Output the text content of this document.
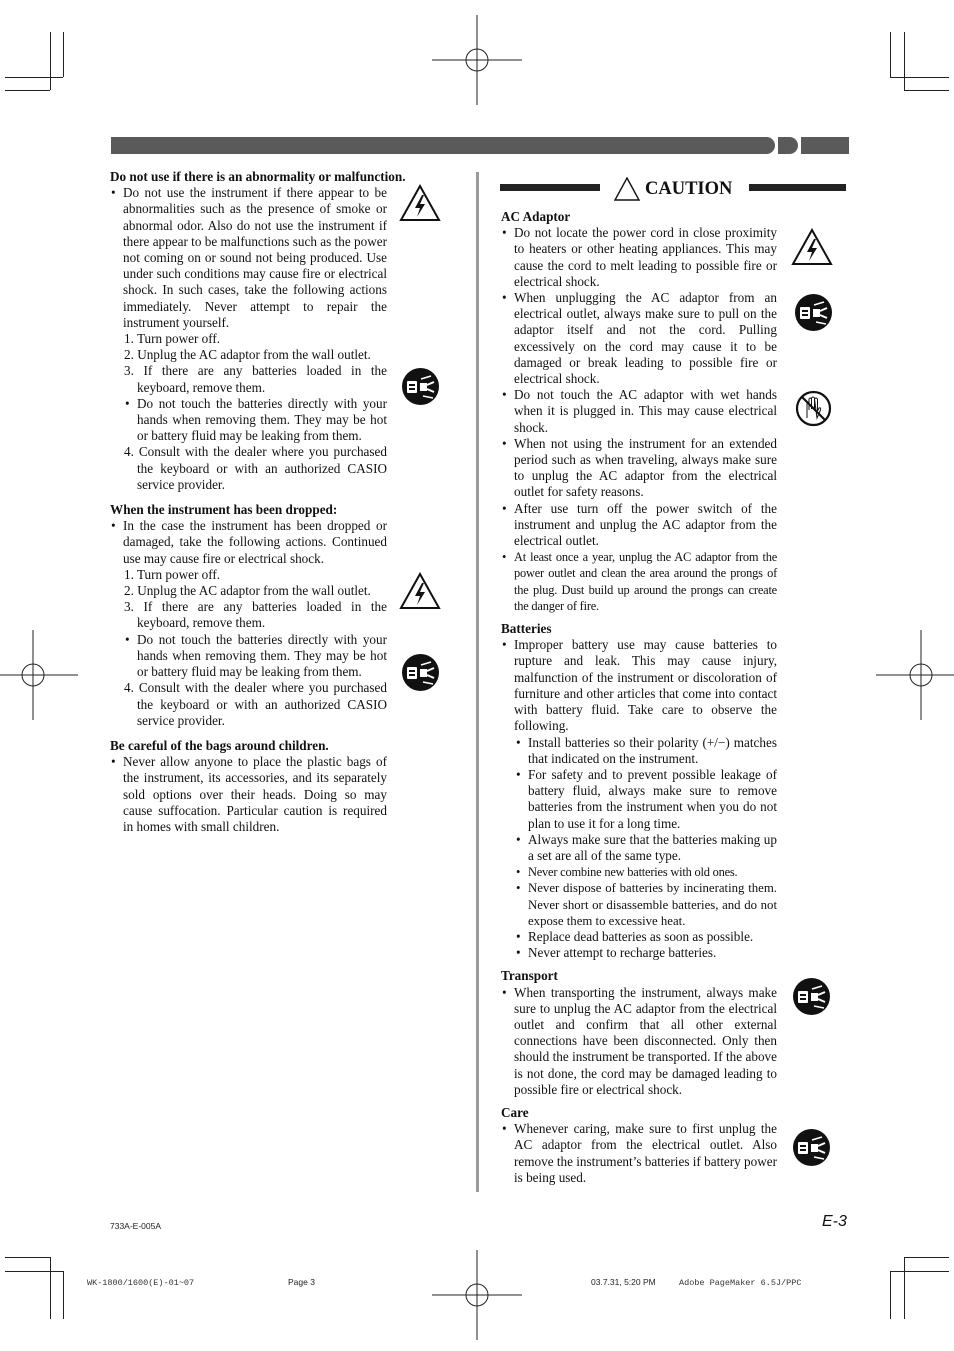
Do not use if there is an abnormality or malfunction.

• Do not use the instrument if there appear to be abnormalities such as the presence of smoke or abnormal odor. Also do not use the instrument if there appear to be malfunctions such as the power not coming on or sound not being produced. Use under such conditions may cause fire or electrical shock. In such cases, take the following actions immediately. Never attempt to repair the instrument yourself.

1. Turn power off.

2. Unplug the AC adaptor from the wall outlet.

3. If there are any batteries loaded in the keyboard, remove them.

• Do not touch the batteries directly with your hands when removing them. They may be hot or battery fluid may be leaking from them.

4. Consult with the dealer where you purchased the keyboard or with an authorized CASIO service provider.

When the instrument has been dropped:

• In the case the instrument has been dropped or damaged, take the following actions. Continued use may cause fire or electrical shock.

1. Turn power off.

2. Unplug the AC adaptor from the wall outlet.

3. If there are any batteries loaded in the keyboard, remove them.

• Do not touch the batteries directly with your hands when removing them. They may be hot or battery fluid may be leaking from them.

4. Consult with the dealer where you purchased the keyboard or with an authorized CASIO service provider.

Be careful of the bags around children.

• Never allow anyone to place the plastic bags of the instrument, its accessories, and its separately sold options over their heads. Doing so may cause suffocation. Particular caution is required in homes with small children.

CAUTION

AC Adaptor

• Do not locate the power cord in close proximity to heaters or other heating appliances. This may cause the cord to melt leading to possible fire or electrical shock.

• When unplugging the AC adaptor from an electrical outlet, always make sure to pull on the adaptor itself and not the cord. Pulling excessively on the cord may cause it to be damaged or break leading to possible fire or electrical shock.

• Do not touch the AC adaptor with wet hands when it is plugged in. This may cause electrical shock.

• When not using the instrument for an extended period such as when traveling, always make sure to unplug the AC adaptor from the electrical outlet for safety reasons.

• After use turn off the power switch of the instrument and unplug the AC adaptor from the electrical outlet.

• At least once a year, unplug the AC adaptor from the power outlet and clean the area around the prongs of the plug. Dust build up around the prongs can create the danger of fire.

Batteries

• Improper battery use may cause batteries to rupture and leak. This may cause injury, malfunction of the instrument or discoloration of furniture and other articles that come into contact with battery fluid. Take care to observe the following.

• Install batteries so their polarity (+/−) matches that indicated on the instrument.

• For safety and to prevent possible leakage of battery fluid, always make sure to remove batteries from the instrument when you do not plan to use it for a long time.

• Always make sure that the batteries making up a set are all of the same type.

• Never combine new batteries with old ones.

• Never dispose of batteries by incinerating them. Never short or disassemble batteries, and do not expose them to excessive heat.

• Replace dead batteries as soon as possible.

• Never attempt to recharge batteries.

Transport

• When transporting the instrument, always make sure to unplug the AC adaptor from the electrical outlet and confirm that all other external connections have been disconnected. Only then should the instrument be transported. If the above is not done, the cord may be damaged leading to possible fire or electrical shock.

Care

• Whenever caring, make sure to first unplug the AC adaptor from the electrical outlet. Also remove the instrument’s batteries if battery power is being used.

733A-E-005A	E-3
WK-1800/1600(E)-01~07	Page 3	03.7.31, 5:20 PM	Adobe PageMaker 6.5J/PPC
